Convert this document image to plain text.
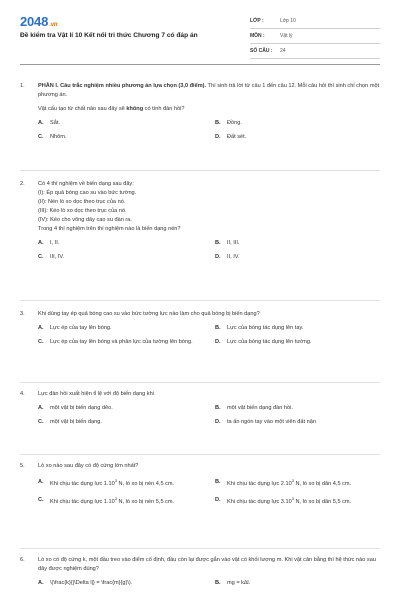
2048.vn
Đề kiểm tra Vật lí 10 Kết nối tri thức Chương 7 có đáp án
LỚP :	Lớp 10
MÔN :	Vật lý
SỐ CÂU :	24
1.	PHẦN I. Câu trắc nghiệm nhiều phương án lựa chọn (3,0 điểm). Thí sinh trả lời từ câu 1 đến câu 12. Mỗi câu hỏi thí sinh chỉ chọn một phương án.
Vật cấu tạo từ chất nào sau đây sẽ không có tính đàn hồi?
A.	Sắt.	B.	Đồng.
C.	Nhôm.	D.	Đất sét.
2.	Có 4 thí nghiệm về biến dạng sau đây:
(I): Ép quả bóng cao su vào bức tường.
(II): Nén lò xo dọc theo trục của nó.
(III): Kéo lò xo dọc theo trục của nó.
(IV): Kéo cho võng dây cao su đàn ra.
Trong 4 thí nghiệm trên thí nghiệm nào là biến dạng nén?
A.	I, II.	B.	II, III.
C.	III, IV.	D.	II, IV.
3.	Khi dùng tay ép quả bóng cao su vào bức tường lực nào làm cho quả bóng bị biến dạng?
A.	Lực ép của tay lên bóng.	B.	Lực của bóng tác dụng lên tay.
C.	Lực ép của tay lên bóng và phản lực của tường lên bóng.	D.	Lực của bóng tác dụng lên tường.
4.	Lực đàn hồi xuất hiện tỉ lệ với độ biến dạng khi
A.	một vật bị biến dạng dẻo.	B.	một vật biến dạng đàn hồi.
C.	một vật bị biến dạng.	D.	ta ấn ngón tay vào một viên đất nặn
5.	Lò xo nào sau đây có độ cứng lớn nhất?
A.	Khi chịu tác dụng lực 1.10$^3$ N, lò xo bị nén 4,5 cm.	B.	Khi chịu tác dụng lực 2.10$^3$ N, lò xo bị dãn 4,5 cm.
C.	Khi chịu tác dụng lực 1.10$^3$ N, lò xo bị nén 5,5 cm.	D.	Khi chịu tác dụng lực 3.10$^3$ N, lò xo bị dãn 5,5 cm.
6.	Lò xo có độ cứng k, một đầu treo vào điểm cố định, đầu còn lại được gắn vào vật có khối lượng m. Khi vật cân bằng thì hệ thức nào sau đây được nghiệm đúng?
A.	\(\frac{k}{|\Delta l|} = \frac{m}{g}\).	B.	mg = k∆l.
